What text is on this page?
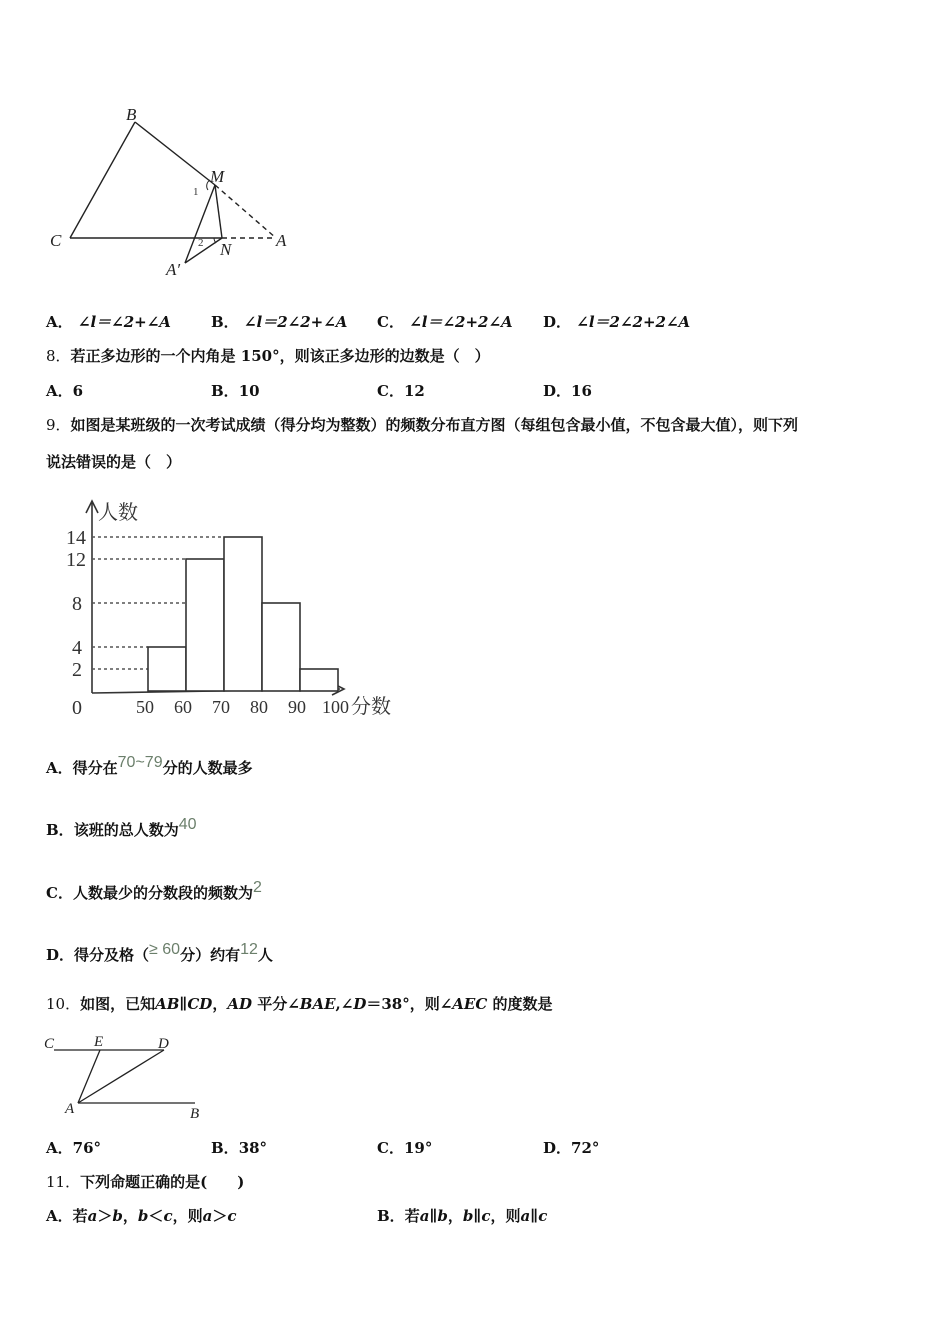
B
M
C	A
N
A′
1
2
A． ∠l＝∠2+∠A	B． ∠l＝2∠2+∠A C． ∠l＝∠2+2∠A D． ∠l＝2∠2+2∠A
8．若正多边形的一个内角是 150°，则该正多边形的边数是（　）
A．6	B．10	C．12	D．16
9．如图是某班级的一次考试成绩（得分均为整数）的频数分布直方图（每组包含最小值，不包含最大值），则下列
说法错误的是（　）
14
12
8
4
2
0	50 60 70 80 90 100
人数
分数
A．得分在70~79分的人数最多
B．该班的总人数为40
C．人数最少的分数段的频数为2
D．得分及格（≥ 60分）约有12人
10．如图，已知AB∥CD，AD 平分∠BAE,∠D＝38°，则∠AEC 的度数是
C	E	D
A	B
A．76°	B．38°	C．19°	D．72°
11．下列命题正确的是(　　)
A．若a＞b，b＜c，则a＞c	B．若a∥b，b∥c，则a∥c
